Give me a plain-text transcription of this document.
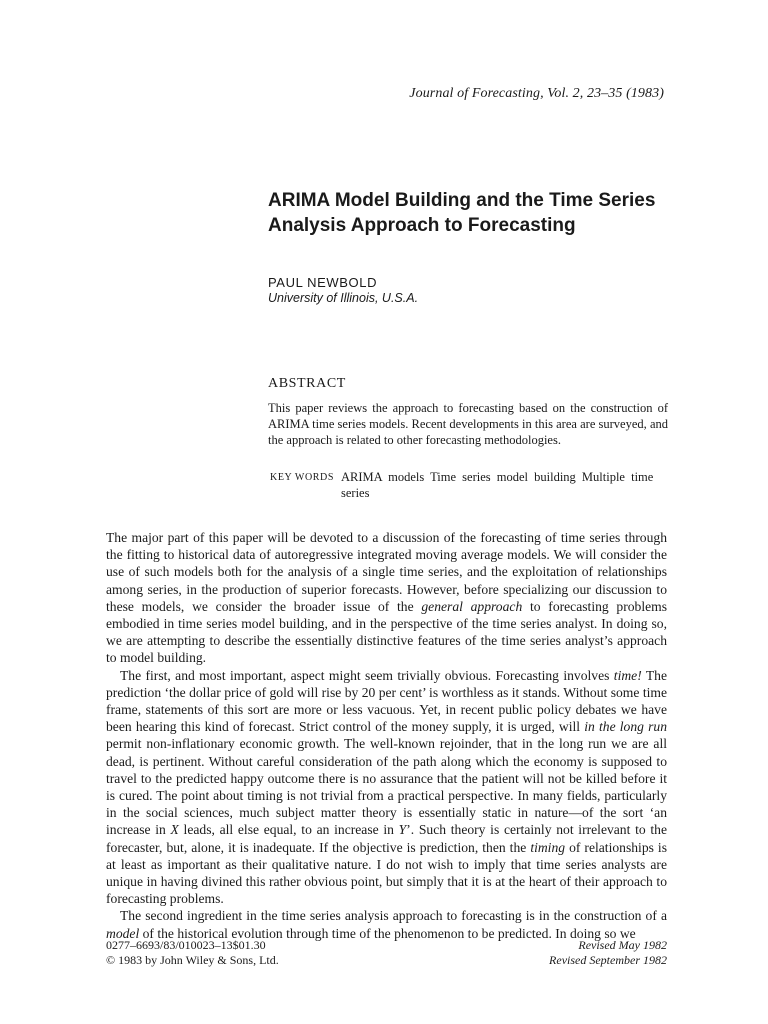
Journal of Forecasting, Vol. 2, 23–35 (1983)
ARIMA Model Building and the Time Series Analysis Approach to Forecasting
PAUL NEWBOLD
University of Illinois, U.S.A.
ABSTRACT
This paper reviews the approach to forecasting based on the construction of ARIMA time series models. Recent developments in this area are surveyed, and the approach is related to other forecasting methodologies.
KEY WORDS ARIMA models Time series model building Multiple time series

The major part of this paper will be devoted to a discussion of the forecasting of time series through the fitting to historical data of autoregressive integrated moving average models. We will consider the use of such models both for the analysis of a single time series, and the exploitation of relationships among series, in the production of superior forecasts. However, before specializing our discussion to these models, we consider the broader issue of the general approach to forecasting problems embodied in time series model building, and in the perspective of the time series analyst. In doing so, we are attempting to describe the essentially distinctive features of the time series analyst’s approach to model building.

The first, and most important, aspect might seem trivially obvious. Forecasting involves time! The prediction ‘the dollar price of gold will rise by 20 per cent’ is worthless as it stands. Without some time frame, statements of this sort are more or less vacuous. Yet, in recent public policy debates we have been hearing this kind of forecast. Strict control of the money supply, it is urged, will in the long run permit non-inflationary economic growth. The well-known rejoinder, that in the long run we are all dead, is pertinent. Without careful consideration of the path along which the economy is supposed to travel to the predicted happy outcome there is no assurance that the patient will not be killed before it is cured. The point about timing is not trivial from a practical perspective. In many fields, particularly in the social sciences, much subject matter theory is essentially static in nature—of the sort ‘an increase in X leads, all else equal, to an increase in Y’. Such theory is certainly not irrelevant to the forecaster, but, alone, it is inadequate. If the objective is prediction, then the timing of relationships is at least as important as their qualitative nature. I do not wish to imply that time series analysts are unique in having divined this rather obvious point, but simply that it is at the heart of their approach to forecasting problems.

The second ingredient in the time series analysis approach to forecasting is in the construction of a model of the historical evolution through time of the phenomenon to be predicted. In doing so we

0277–6693/83/010023–13$01.30	Revised May 1982
© 1983 by John Wiley & Sons, Ltd.	Revised September 1982
